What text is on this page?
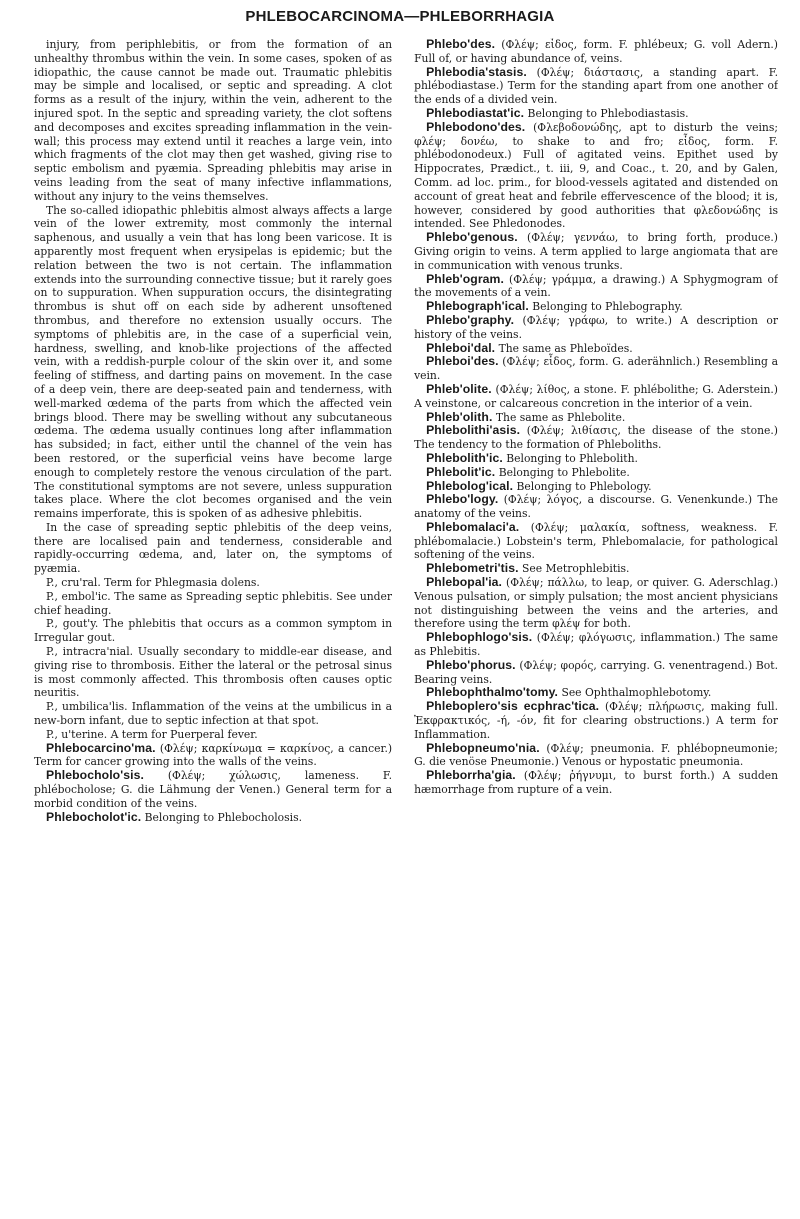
PHLEBOCARCINOMA—PHLEBORRHAGIA

injury, from periphlebitis, or from the formation of an unhealthy thrombus within the vein. In some cases, spoken of as idiopathic, the cause cannot be made out. Traumatic phlebitis may be simple and localised, or septic and spreading. A clot forms as a result of the injury, within the vein, adherent to the injured spot. In the septic and spreading variety, the clot softens and decomposes and excites spreading inflammation in the vein-wall; this process may extend until it reaches a large vein, into which fragments of the clot may then get washed, giving rise to septic embolism and pyæmia. Spreading phlebitis may arise in veins leading from the seat of many infective inflammations, without any injury to the veins themselves.

The so-called idiopathic phlebitis almost always affects a large vein of the lower extremity, most commonly the internal saphenous, and usually a vein that has long been varicose. It is apparently most frequent when erysipelas is epidemic; but the relation between the two is not certain. The inflammation extends into the surrounding connective tissue; but it rarely goes on to suppuration. When suppuration occurs, the disintegrating thrombus is shut off on each side by adherent unsoftened thrombus, and therefore no extension usually occurs. The symptoms of phlebitis are, in the case of a superficial vein, hardness, swelling, and knob-like projections of the affected vein, with a reddish-purple colour of the skin over it, and some feeling of stiffness, and darting pains on movement. In the case of a deep vein, there are deep-seated pain and tenderness, with well-marked œdema of the parts from which the affected vein brings blood. There may be swelling without any subcutaneous œdema. The œdema usually continues long after inflammation has subsided; in fact, either until the channel of the vein has been restored, or the superficial veins have become large enough to completely restore the venous circulation of the part. The constitutional symptoms are not severe, unless suppuration takes place. Where the clot becomes organised and the vein remains imperforate, this is spoken of as adhesive phlebitis.

In the case of spreading septic phlebitis of the deep veins, there are localised pain and tenderness, considerable and rapidly-occurring œdema, and, later on, the symptoms of pyæmia.

P., cru'ral. Term for Phlegmasia dolens.

P., embol'ic. The same as Spreading septic phlebitis. See under chief heading.

P., gout'y. The phlebitis that occurs as a common symptom in Irregular gout.

P., intracra'nial. Usually secondary to middle-ear disease, and giving rise to thrombosis. Either the lateral or the petrosal sinus is most commonly affected. This thrombosis often causes optic neuritis.

P., umbilica'lis. Inflammation of the veins at the umbilicus in a new-born infant, due to septic infection at that spot.

P., u'terine. A term for Puerperal fever.

Phlebocarcino'ma. (Φλέψ; καρκίνωμα = καρκίνος, a cancer.) Term for cancer growing into the walls of the veins.

Phlebocholo'sis. (Φλέψ; χώλωσις, lameness. F. phlébocholose; G. die Lähmung der Venen.) General term for a morbid condition of the veins.

Phlebocholot'ic. Belonging to Phlebocholosis.

Phlebo'des. (Φλέψ; εἶδος, form. F. phlébeux; G. voll Adern.) Full of, or having abundance of, veins.

Phlebodia'stasis. (Φλέψ; διάστασις, a standing apart. F. phlébodiastase.) Term for the standing apart from one another of the ends of a divided vein.

Phlebodiastat'ic. Belonging to Phlebodiastasis.

Phlebodono'des. (Φλεβοδονώδης, apt to disturb the veins; φλέψ; δονέω, to shake to and fro; εἶδος, form. F. phlébodonodeux.) Full of agitated veins. Epithet used by Hippocrates, Prædict., t. iii, 9, and Coac., t. 20, and by Galen, Comm. ad loc. prim., for blood-vessels agitated and distended on account of great heat and febrile effervescence of the blood; it is, however, considered by good authorities that φλεδονώδης is intended. See Phledonodes.

Phlebo'genous. (Φλέψ; γεννάω, to bring forth, produce.) Giving origin to veins. A term applied to large angiomata that are in communication with venous trunks.

Phleb'ogram. (Φλέψ; γράμμα, a drawing.) A Sphygmogram of the movements of a vein.

Phlebograph'ical. Belonging to Phlebography.

Phlebo'graphy. (Φλέψ; γράφω, to write.) A description or history of the veins.

Phleboi'dal. The same as Phleboïdes.

Phleboi'des. (Φλέψ; εἶδος, form. G. aderähnlich.) Resembling a vein.

Phleb'olite. (Φλέψ; λίθος, a stone. F. phlébolithe; G. Aderstein.) A veinstone, or calcareous concretion in the interior of a vein.

Phleb'olith. The same as Phlebolite.

Phlebolithi'asis. (Φλέψ; λιθίασις, the disease of the stone.) The tendency to the formation of Phleboliths.

Phlebolith'ic. Belonging to Phlebolith.

Phlebolit'ic. Belonging to Phlebolite.

Phlebolog'ical. Belonging to Phlebology.

Phlebo'logy. (Φλέψ; λόγος, a discourse. G. Venenkunde.) The anatomy of the veins.

Phlebomalaci'a. (Φλέψ; μαλακία, softness, weakness. F. phlébomalacie.) Lobstein's term, Phlebomalacie, for pathological softening of the veins.

Phlebometri'tis. See Metrophlebitis.

Phlebopal'ia. (Φλέψ; πάλλω, to leap, or quiver. G. Aderschlag.) Venous pulsation, or simply pulsation; the most ancient physicians not distinguishing between the veins and the arteries, and therefore using the term φλέψ for both.

Phlebophlogo'sis. (Φλέψ; φλόγωσις, inflammation.) The same as Phlebitis.

Phlebo'phorus. (Φλέψ; φορός, carrying. G. venentragend.) Bot. Bearing veins.

Phlebophthalmo'tomy. See Ophthalmophlebotomy.

Phleboplero'sis ecphrac'tica. (Φλέψ; πλήρωσις, making full. Ἐκφρακτικός, -ή, -όν, fit for clearing obstructions.) A term for Inflammation.

Phlebopneumo'nia. (Φλέψ; pneumonia. F. phlébopneumonie; G. die venöse Pneumonie.) Venous or hypostatic pneumonia.

Phleborrha'gia. (Φλέψ; ῥήγνυμι, to burst forth.) A sudden hæmorrhage from rupture of a vein.
